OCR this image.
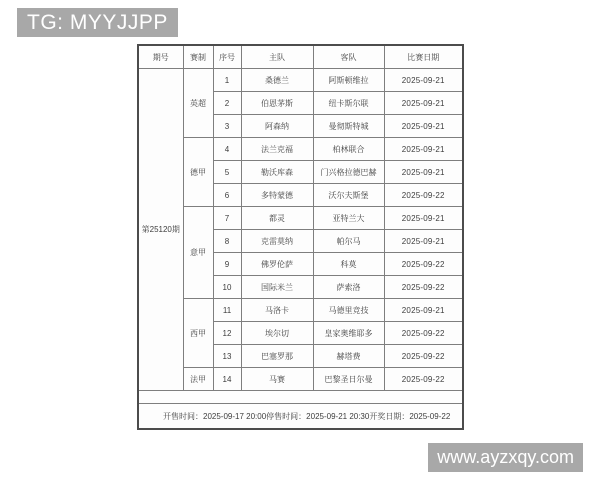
TG: MYYJJPP
期号	赛制	序号	主队	客队	比赛日期
第25120期	英超	1	桑德兰	阿斯顿维拉	2025-09-21
		2	伯恩茅斯	纽卡斯尔联	2025-09-21
		3	阿森纳	曼彻斯特城	2025-09-21
	德甲	4	法兰克福	柏林联合	2025-09-21
		5	勒沃库森	门兴格拉德巴赫	2025-09-21
		6	多特蒙德	沃尔夫斯堡	2025-09-22
	意甲	7	都灵	亚特兰大	2025-09-21
		8	克雷莫纳	帕尔马	2025-09-21
		9	佛罗伦萨	科莫	2025-09-22
		10	国际米兰	萨索洛	2025-09-22
	西甲	11	马洛卡	马德里竞技	2025-09-21
		12	埃尔切	皇家奥维耶多	2025-09-22
		13	巴塞罗那	赫塔费	2025-09-22
	法甲	14	马赛	巴黎圣日尔曼	2025-09-22

开售时间：2025-09-17 20:00 停售时间：2025-09-21 20:30 开奖日期：2025-09-22					
www.ayzxqy.com
